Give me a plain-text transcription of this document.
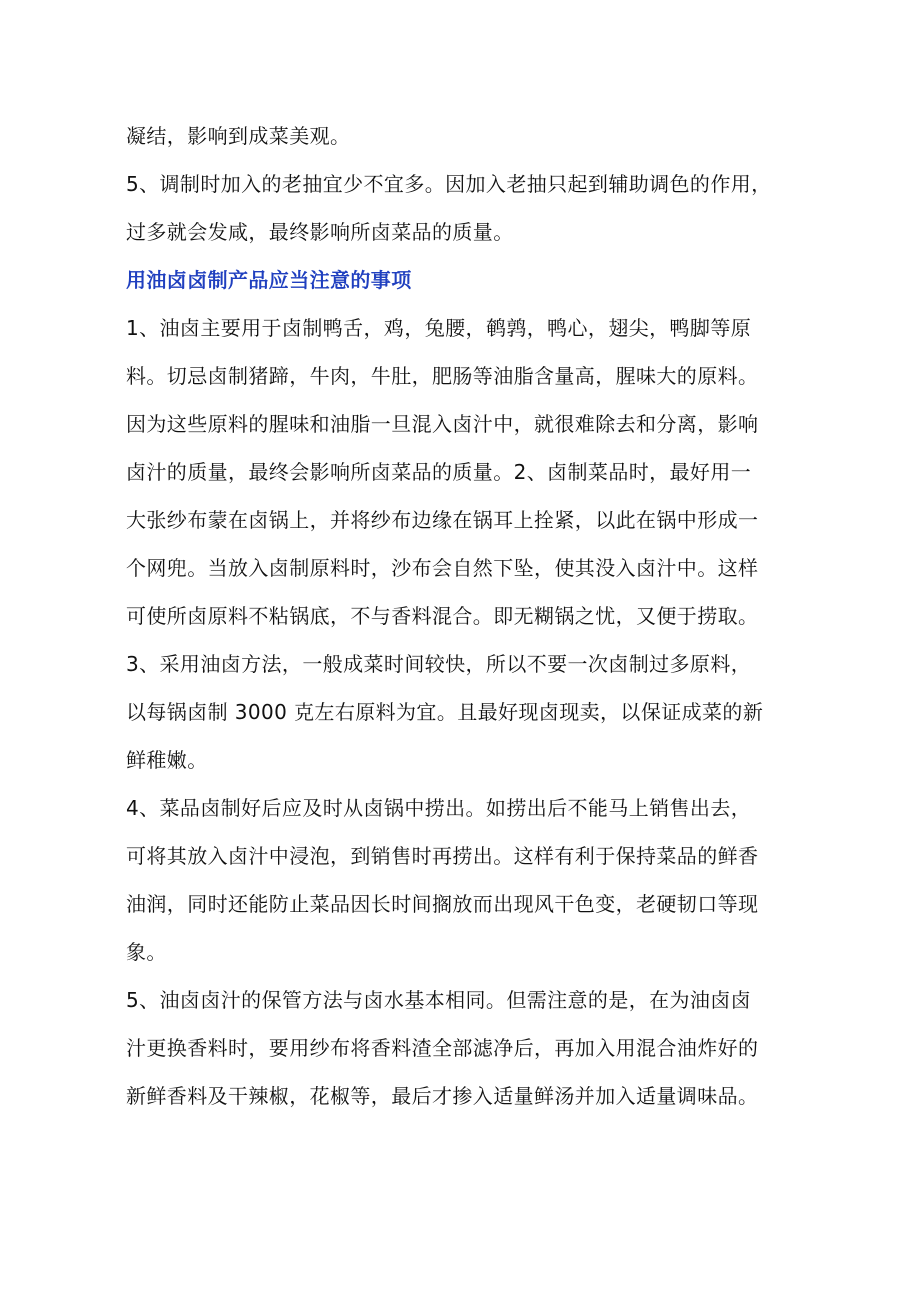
凝结，影响到成菜美观。
5、调制时加入的老抽宜少不宜多。因加入老抽只起到辅助调色的作用，
过多就会发咸，最终影响所卤菜品的质量。
用油卤卤制产品应当注意的事项
1、油卤主要用于卤制鸭舌，鸡，兔腰，鹌鹑，鸭心，翅尖，鸭脚等原
料。切忌卤制猪蹄，牛肉，牛肚，肥肠等油脂含量高，腥味大的原料。
因为这些原料的腥味和油脂一旦混入卤汁中，就很难除去和分离，影响
卤汁的质量，最终会影响所卤菜品的质量。2、卤制菜品时，最好用一
大张纱布蒙在卤锅上，并将纱布边缘在锅耳上拴紧，以此在锅中形成一
个网兜。当放入卤制原料时，沙布会自然下坠，使其没入卤汁中。这样
可使所卤原料不粘锅底，不与香料混合。即无糊锅之忧，又便于捞取。
3、采用油卤方法，一般成菜时间较快，所以不要一次卤制过多原料，
以每锅卤制 3000 克左右原料为宜。且最好现卤现卖，以保证成菜的新
鲜稚嫩。
4、菜品卤制好后应及时从卤锅中捞出。如捞出后不能马上销售出去，
可将其放入卤汁中浸泡，到销售时再捞出。这样有利于保持菜品的鲜香
油润，同时还能防止菜品因长时间搁放而出现风干色变，老硬韧口等现
象。
5、油卤卤汁的保管方法与卤水基本相同。但需注意的是，在为油卤卤
汁更换香料时，要用纱布将香料渣全部滤净后，再加入用混合油炸好的
新鲜香料及干辣椒，花椒等，最后才掺入适量鲜汤并加入适量调味品。
